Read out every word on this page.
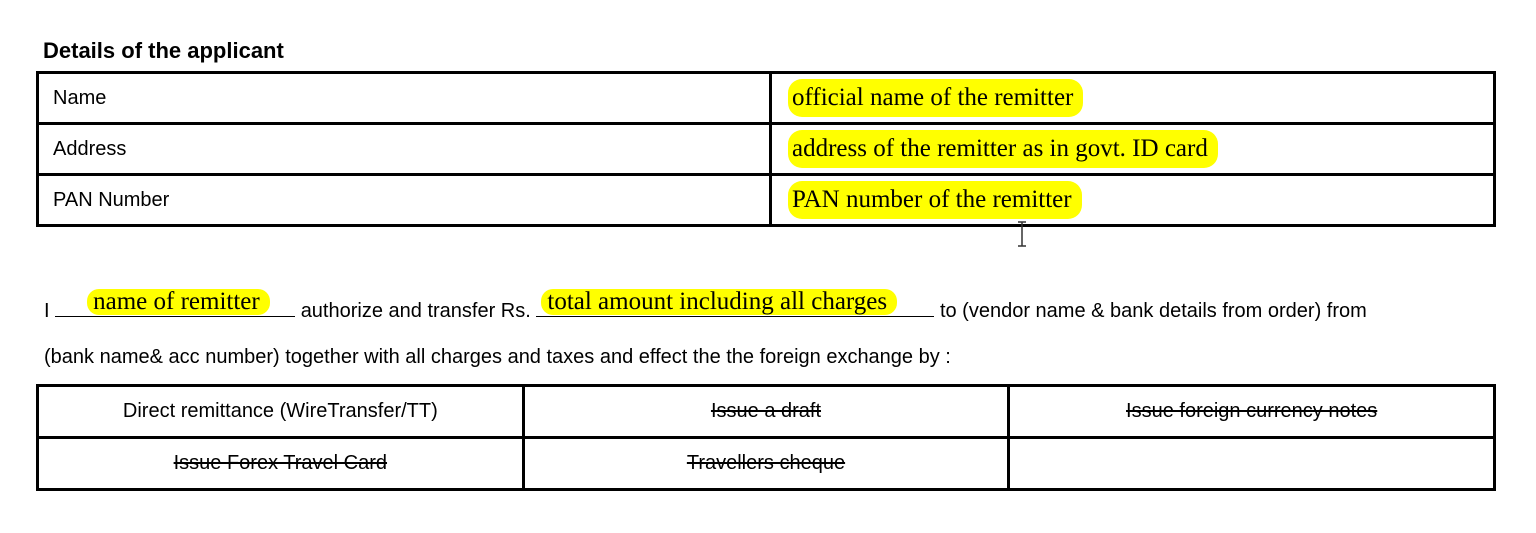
Details of the applicant
Name	official name of the remitter
Address	address of the remitter as in govt. ID card
PAN Number	PAN number of the remitter
I name of remitter	authorize and transfer Rs. total amount including all charges	to (vendor name & bank details from order) from
(bank name& acc number) together with all charges and taxes and effect the the foreign exchange by :
Direct remittance (WireTransfer/TT)	Issue a draft	Issue foreign currency notes
Issue Forex Travel Card	Travellers cheque	
